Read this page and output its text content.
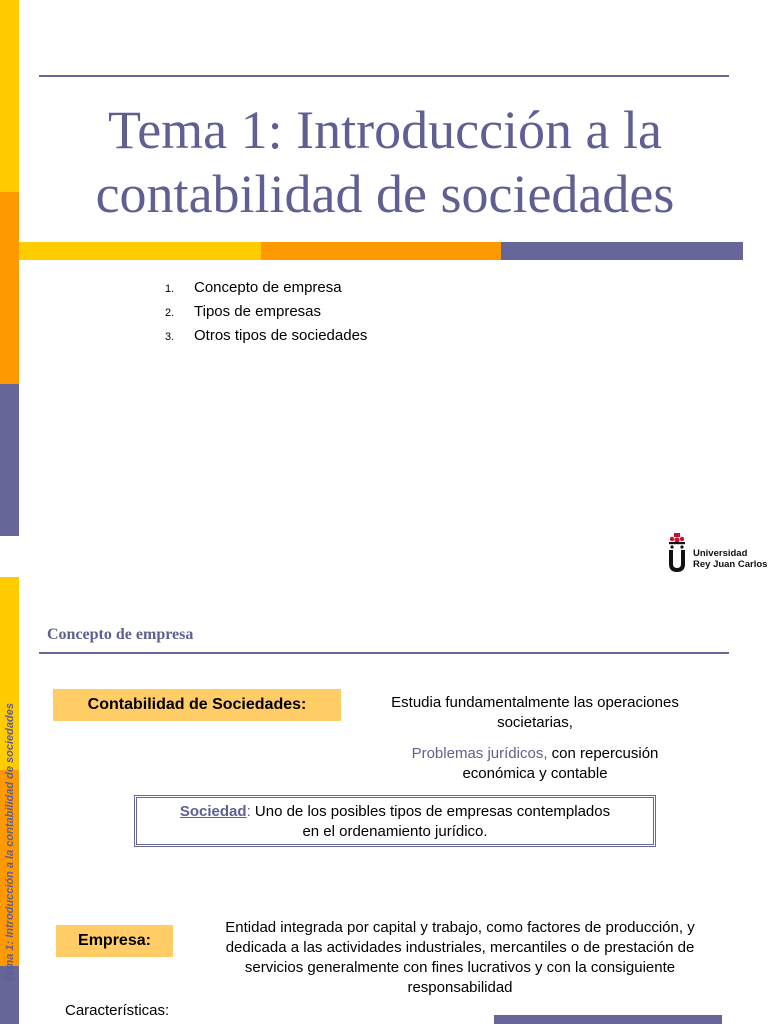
Tema 1: Introducción a la
contabilidad de sociedades
1.	Concepto de empresa
2.	Tipos de empresas
3.	Otros tipos de sociedades
Universidad
Rey Juan Carlos
Tema 1: Introducción a la contabilidad de sociedades
Concepto de empresa
Contabilidad de Sociedades:	Estudia fundamentalmente las operaciones
societarias,
Problemas jurídicos, con repercusión
económica y contable
Sociedad: Uno de los posibles tipos de empresas contemplados
en el ordenamiento jurídico.
Empresa:
Entidad integrada por capital y trabajo, como factores de producción, y
dedicada a las actividades industriales, mercantiles o de prestación de
servicios generalmente con fines lucrativos y con la consiguiente
responsabilidad
Características:
